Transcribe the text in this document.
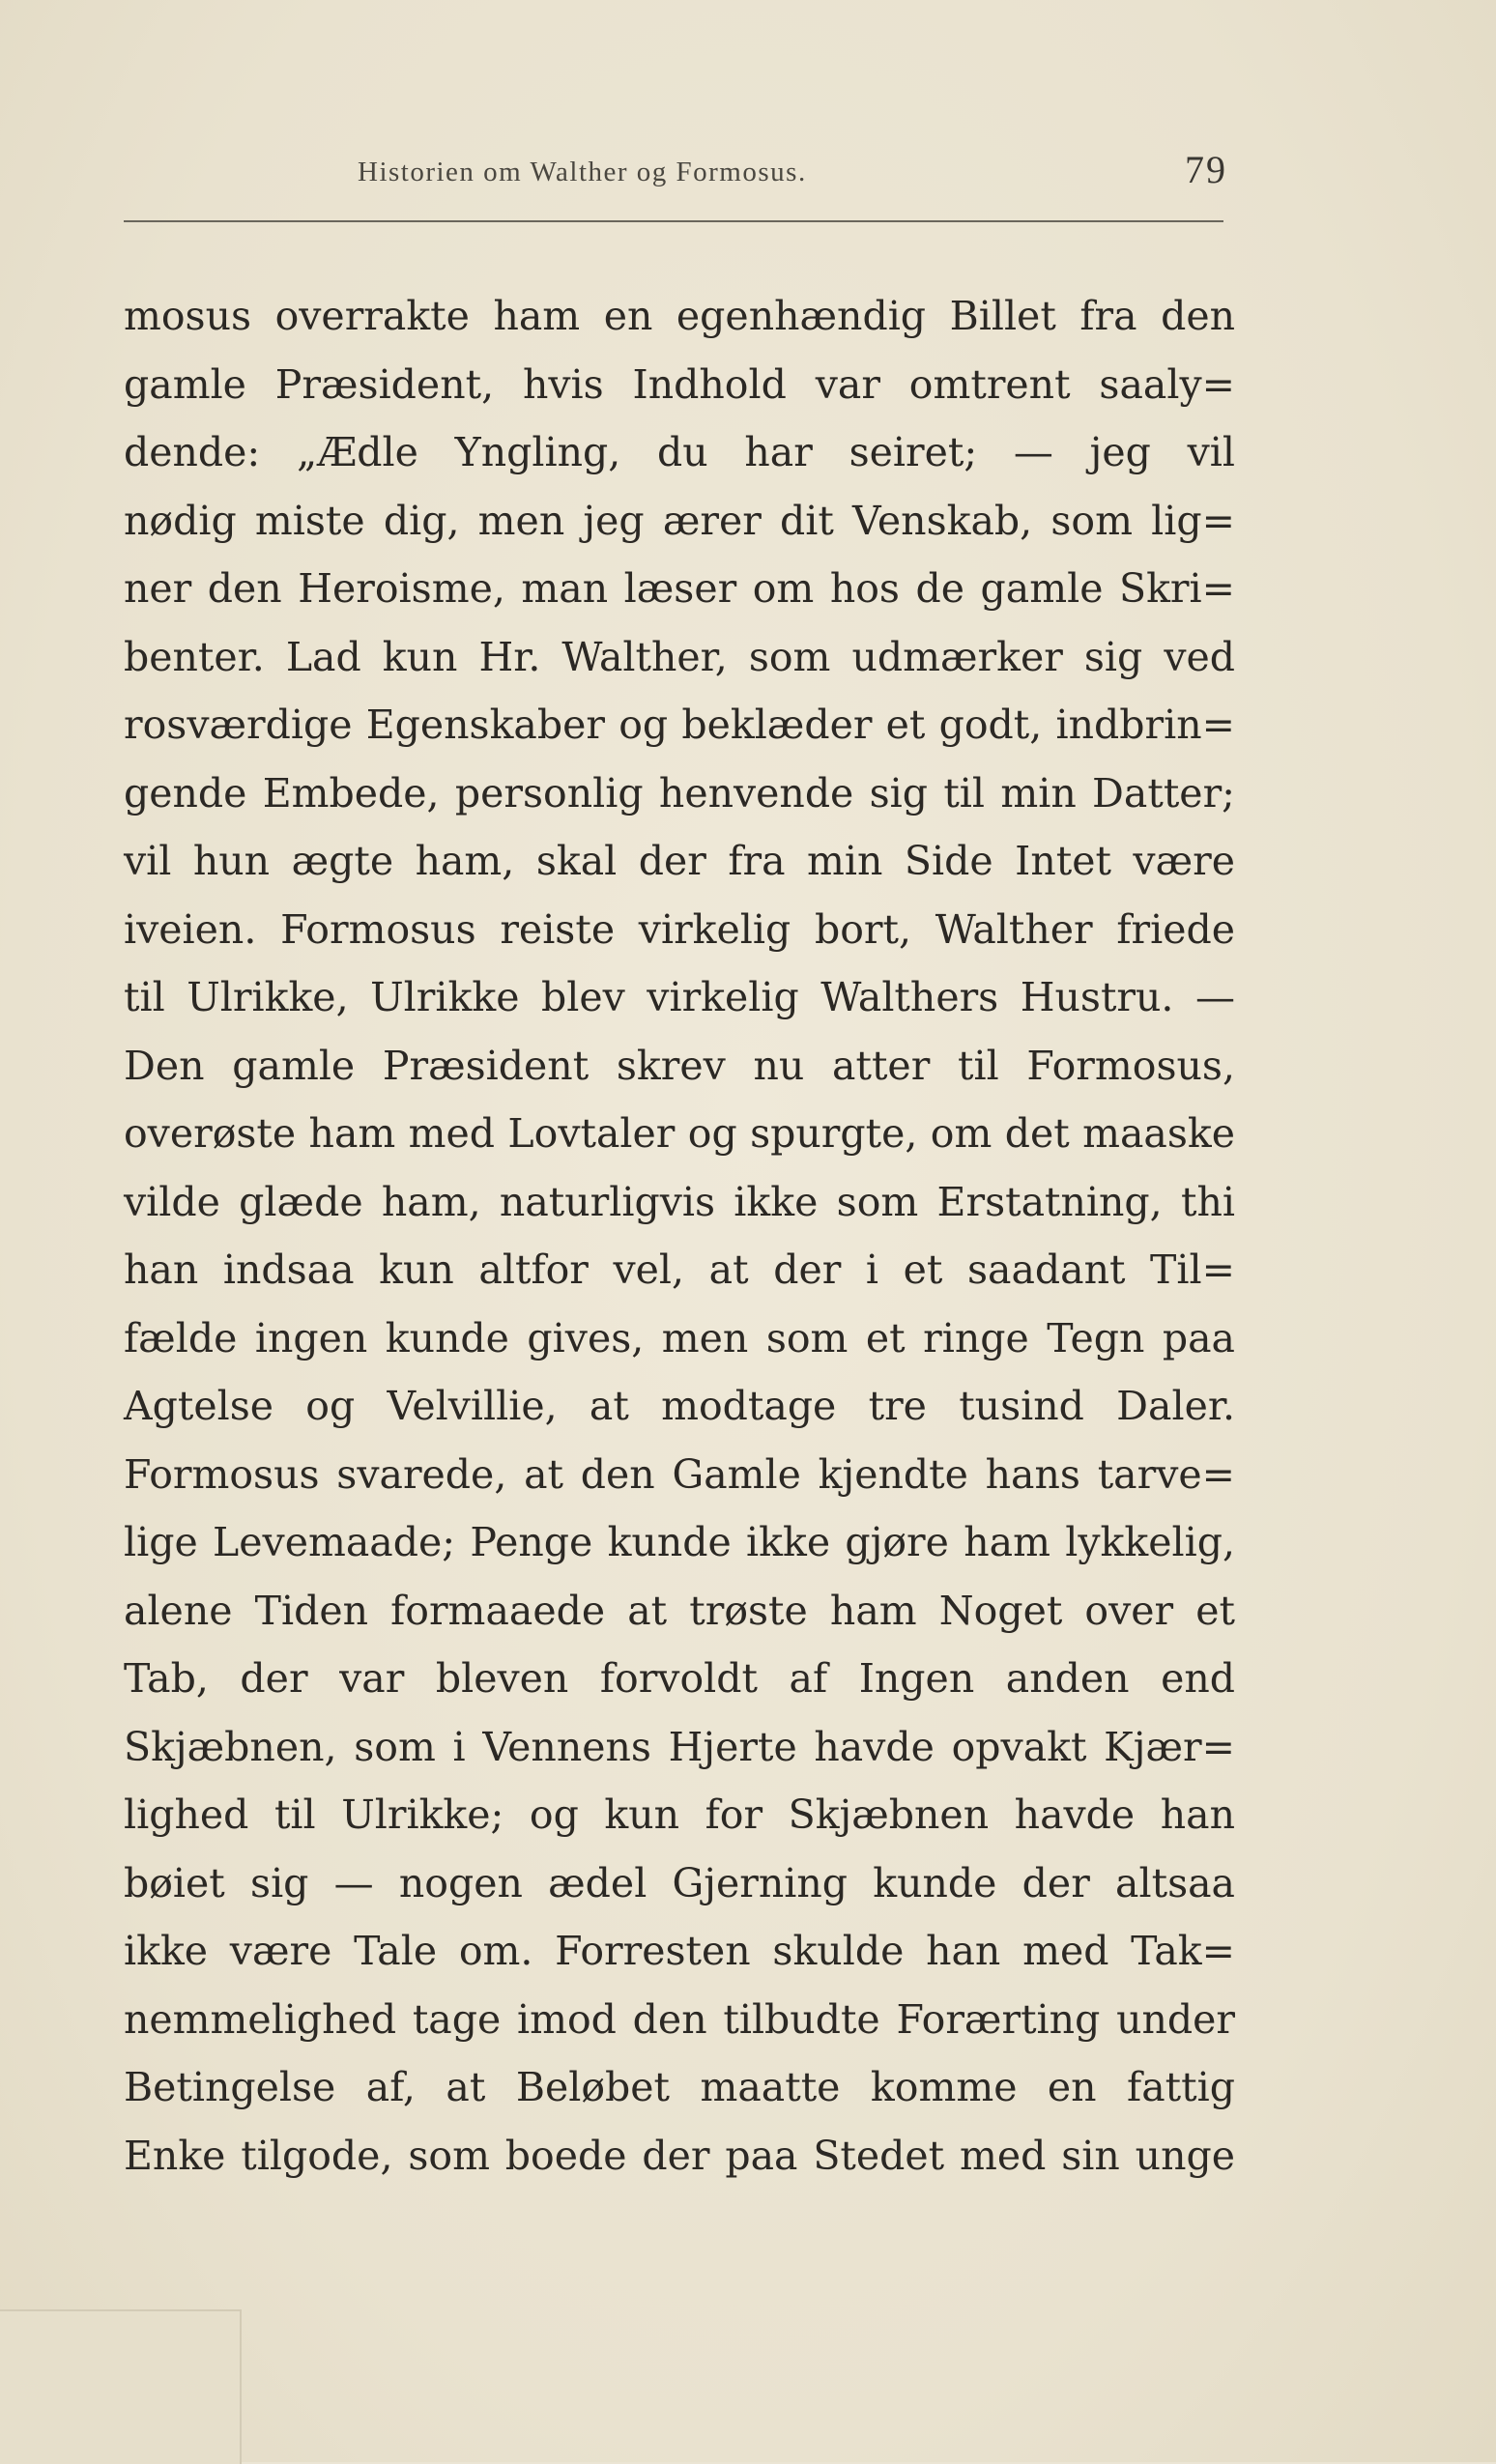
Historien om Walther og Formosus.	79
mosus overrakte ham en egenhændig Billet fra den
gamle Præsident, hvis Indhold var omtrent saaly=
dende: „Ædle Yngling, du har seiret; — jeg vil
nødig miste dig, men jeg ærer dit Venskab, som lig=
ner den Heroisme, man læser om hos de gamle Skri=
benter. Lad kun Hr. Walther, som udmærker sig ved
rosværdige Egenskaber og beklæder et godt, indbrin=
gende Embede, personlig henvende sig til min Datter;
vil hun ægte ham, skal der fra min Side Intet være
iveien. Formosus reiste virkelig bort, Walther friede
til Ulrikke, Ulrikke blev virkelig Walthers Hustru. —
Den gamle Præsident skrev nu atter til Formosus,
overøste ham med Lovtaler og spurgte, om det maaske
vilde glæde ham, naturligvis ikke som Erstatning, thi
han indsaa kun altfor vel, at der i et saadant Til=
fælde ingen kunde gives, men som et ringe Tegn paa
Agtelse og Velvillie, at modtage tre tusind Daler.
Formosus svarede, at den Gamle kjendte hans tarve=
lige Levemaade; Penge kunde ikke gjøre ham lykkelig,
alene Tiden formaaede at trøste ham Noget over et
Tab, der var bleven forvoldt af Ingen anden end
Skjæbnen, som i Vennens Hjerte havde opvakt Kjær=
lighed til Ulrikke; og kun for Skjæbnen havde han
bøiet sig — nogen ædel Gjerning kunde der altsaa
ikke være Tale om. Forresten skulde han med Tak=
nemmelighed tage imod den tilbudte Forærting under
Betingelse af, at Beløbet maatte komme en fattig
Enke tilgode, som boede der paa Stedet med sin unge
